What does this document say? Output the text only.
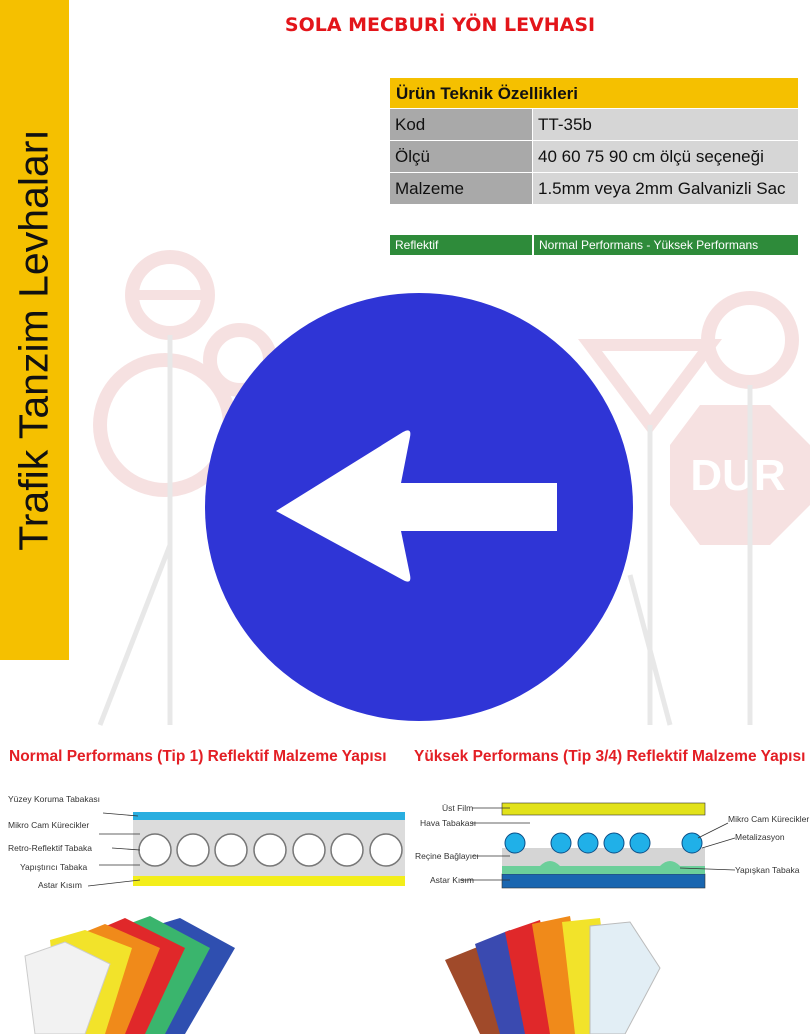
Trafik Tanzim Levhaları
SOLA MECBURİ YÖN LEVHASI
Ürün Teknik Özellikleri
Kod	TT-35b
Ölçü	40 60 75 90 cm ölçü seçeneği
Malzeme	1.5mm veya 2mm Galvanizli Sac
Reflektif	Normal Performans - Yüksek Performans
DUR
Normal Performans (Tip 1) Reflektif Malzeme Yapısı Yüksek Performans (Tip 3/4) Reflektif Malzeme Yapısı
Yüzey Koruma Tabakası
Mikro Cam Kürecikler
Retro-Reflektif Tabaka
Yapıştırıcı Tabaka
Astar Kısım
Üst Film
Hava Tabakası
Reçine Bağlayıcı
Astar Kısım
Mikro Cam Kürecikler
Metalizasyon
Yapışkan Tabaka
